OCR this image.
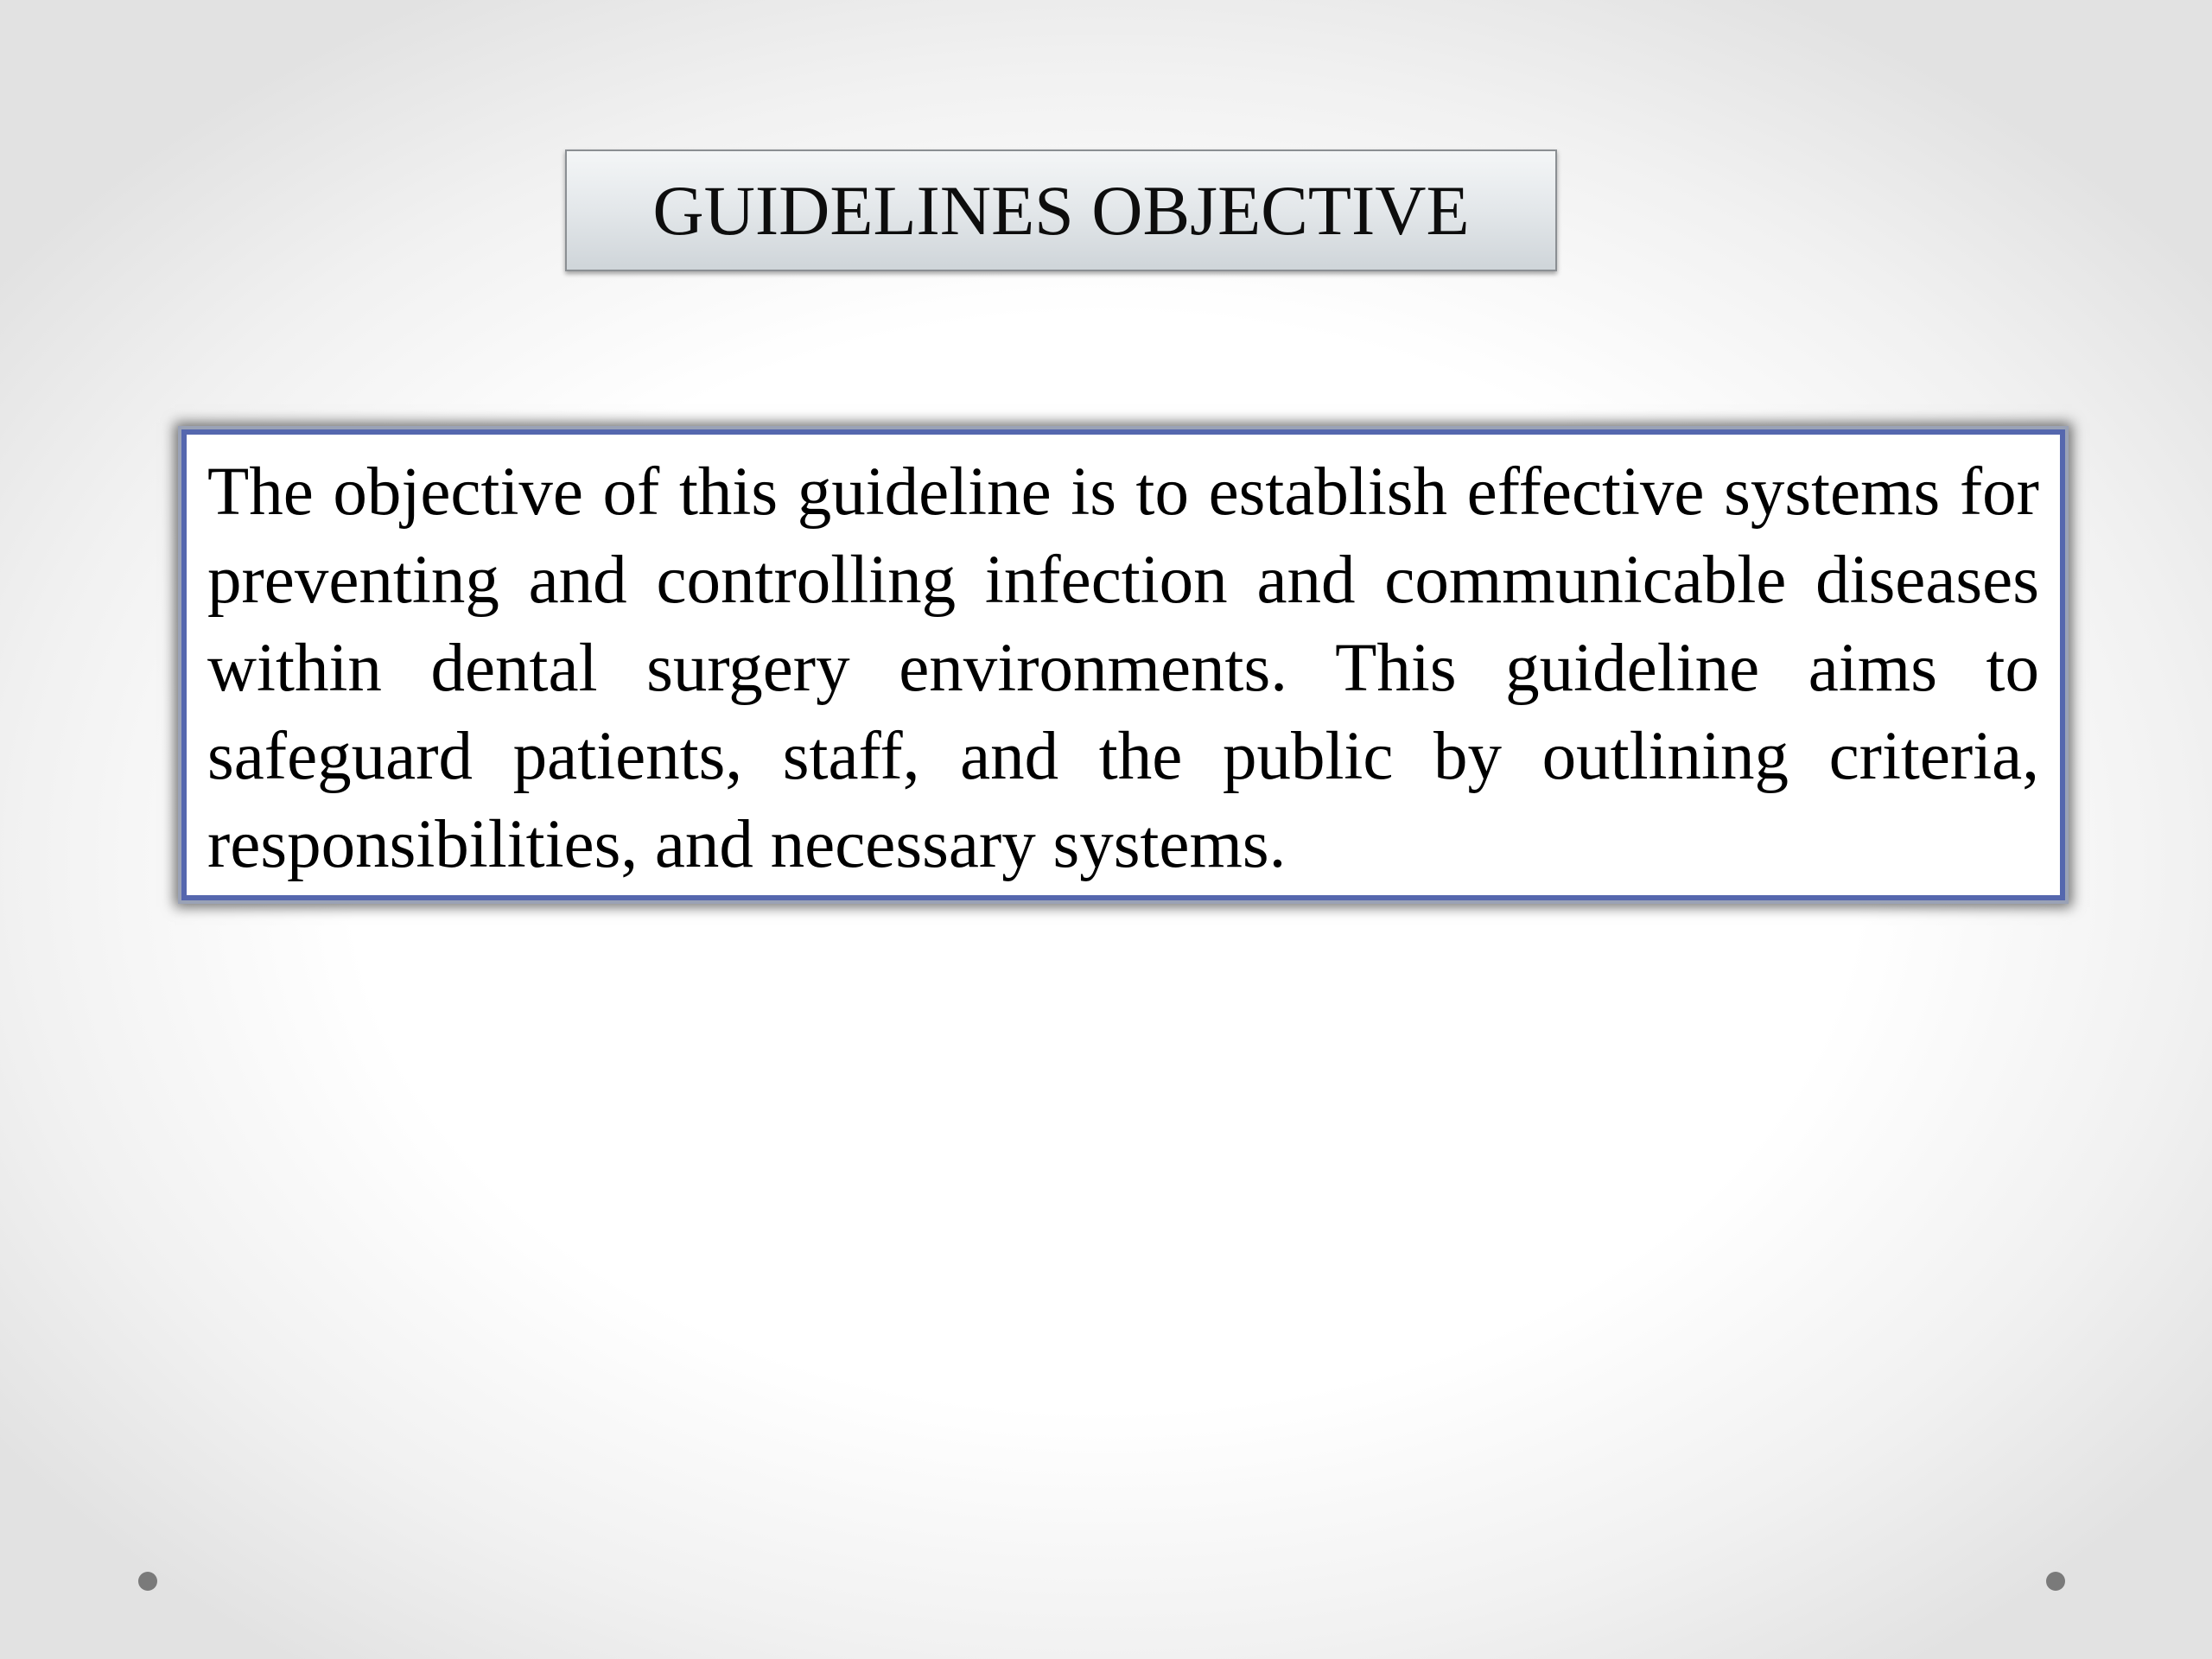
GUIDELINES OBJECTIVE

The objective of this guideline is to establish effective systems for preventing and controlling infection and communicable diseases within dental surgery environments. This guideline aims to safeguard patients, staff, and the public by outlining criteria, responsibilities, and necessary systems.
